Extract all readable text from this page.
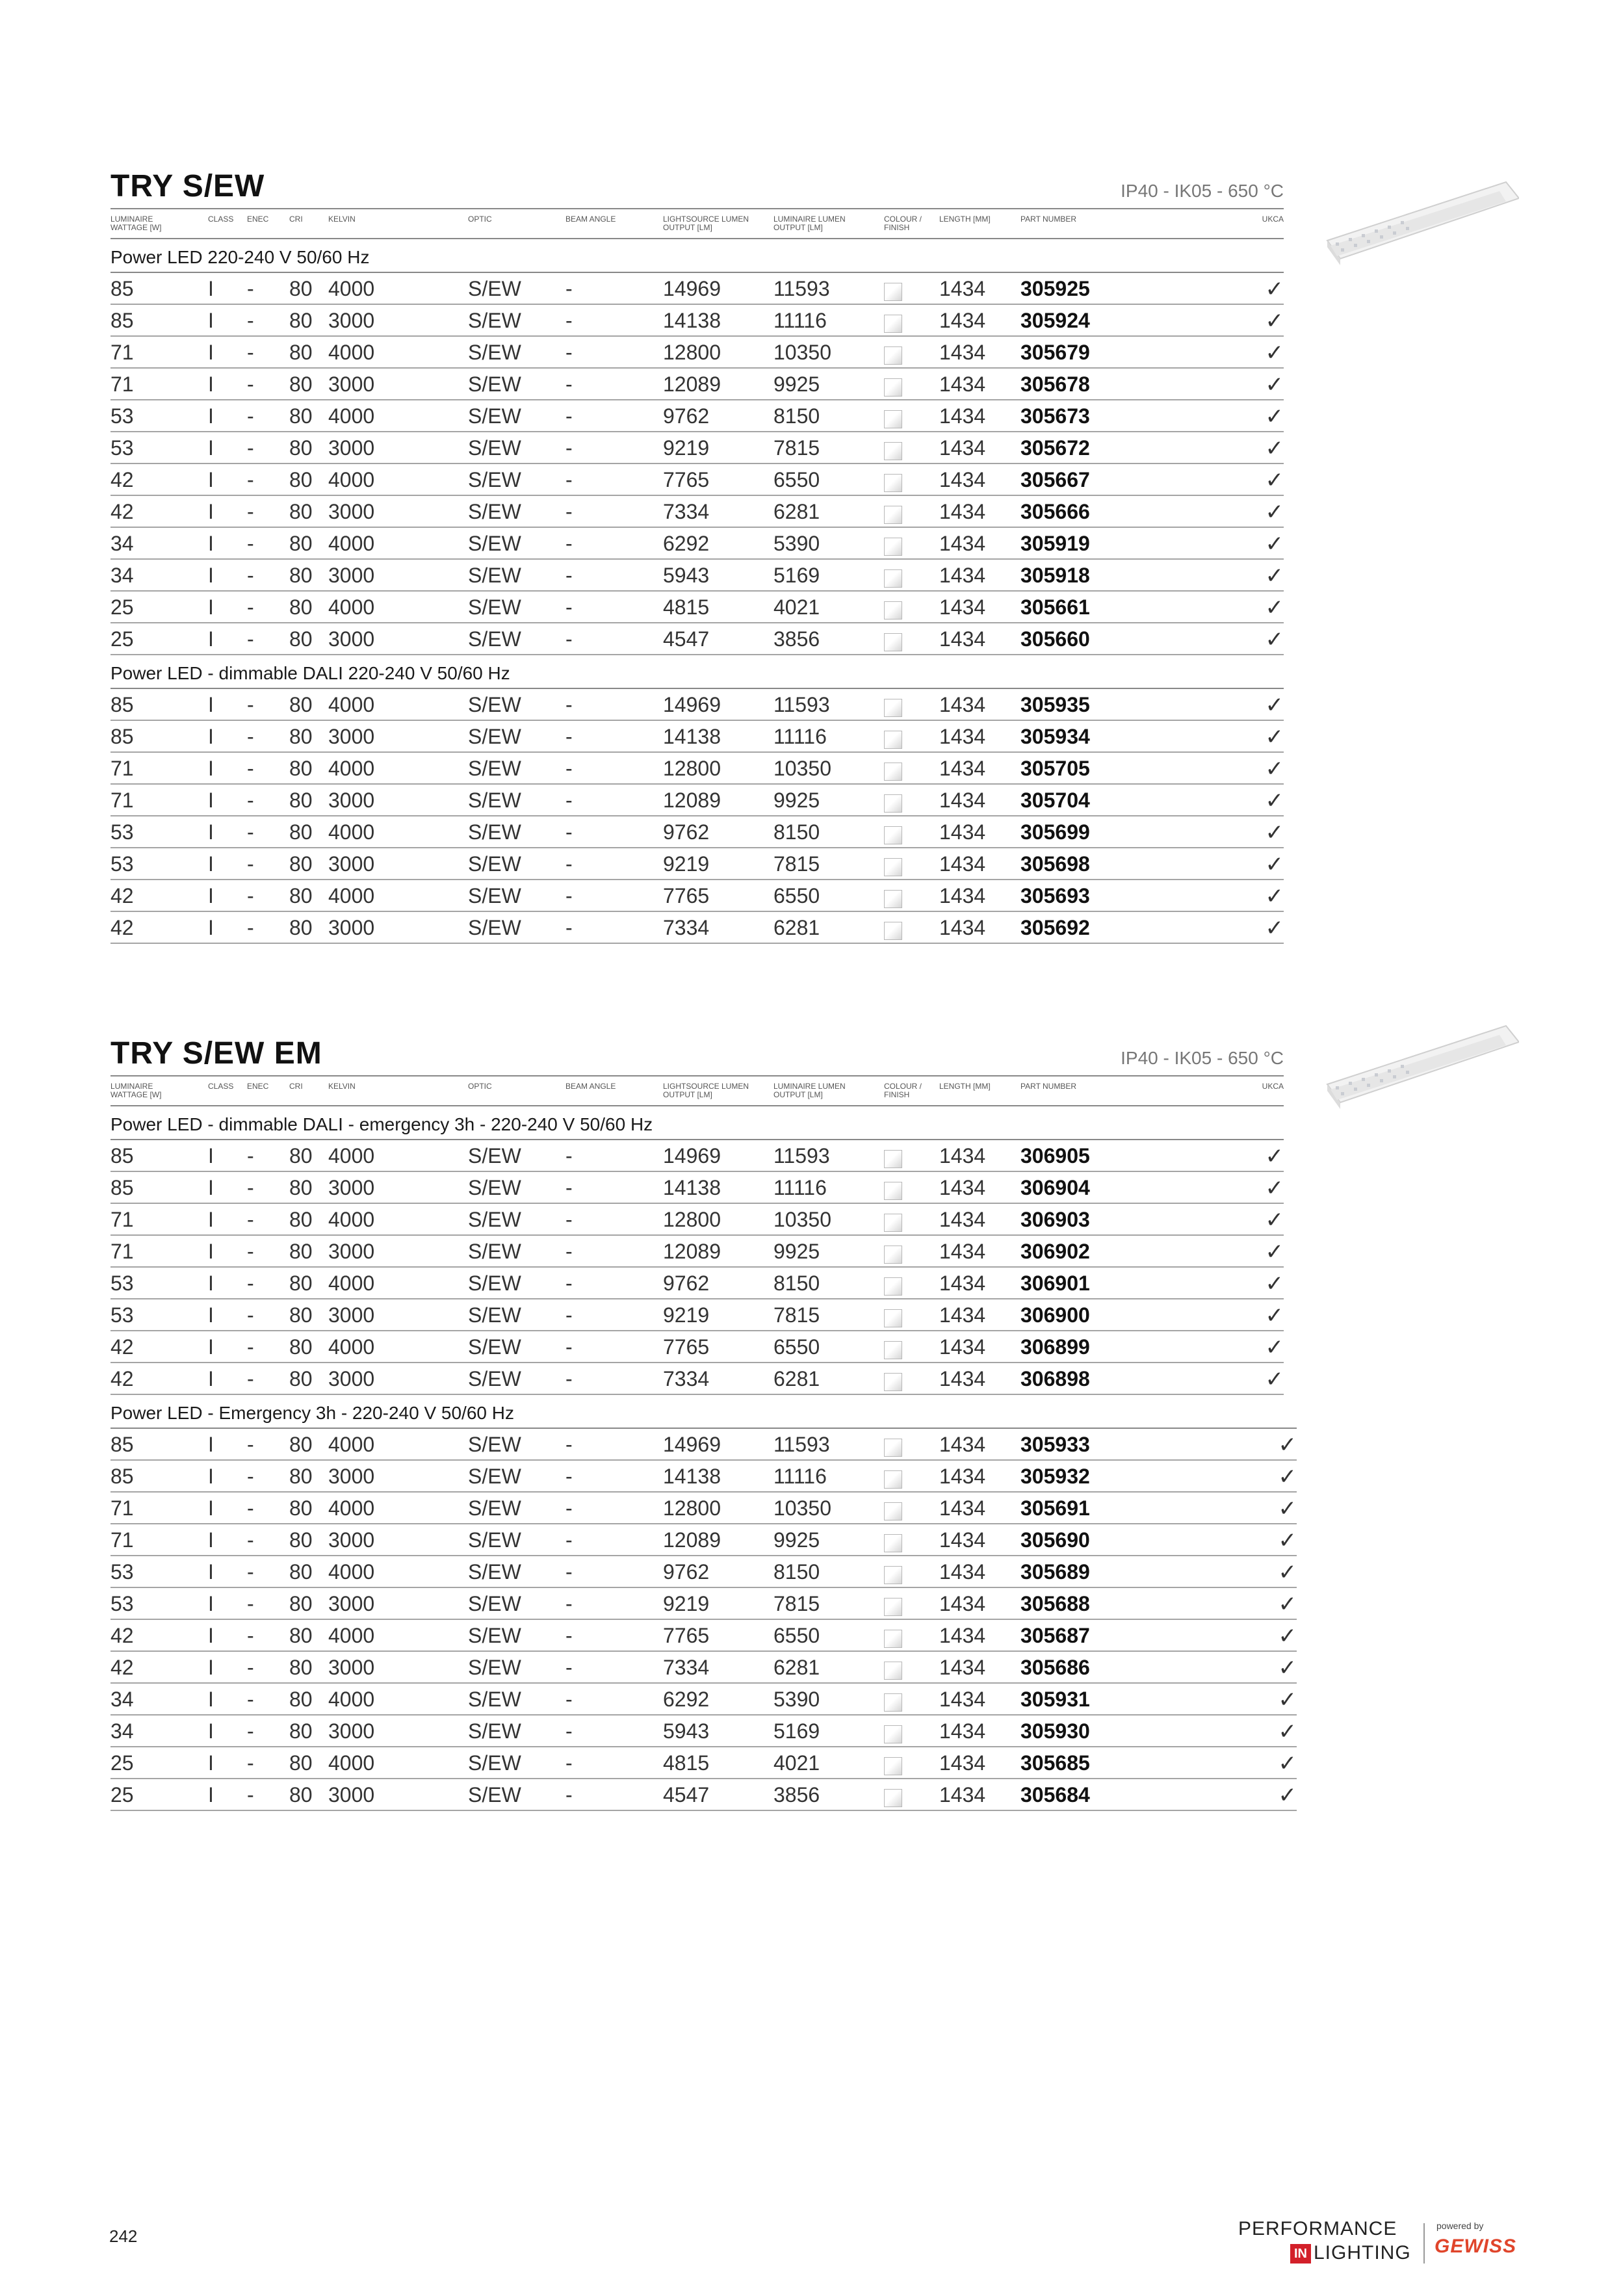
TRY S/EW	IP40 - IK05 - 650 °C
LUMINAIRE
WATTAGE [W]
CLASS ENEC	CRI	KELVIN	OPTIC	BEAM ANGLE	LIGHTSOURCE LUMEN
OUTPUT [LM]
LUMINAIRE LUMEN
OUTPUT [LM]
COLOUR /
FINISH
LENGTH [MM]	PART NUMBER	UKCA
Power LED 220-240 V 50/60 Hz
85	I - 80 4000	S/EW -	14969	11593	1434 305925	✓
85	I - 80 3000	S/EW -	14138	11116	1434 305924	✓
71	I - 80 4000	S/EW -	12800	10350	1434 305679	✓
71	I - 80 3000	S/EW -	12089	9925	1434 305678	✓
53	I - 80 4000	S/EW -	9762	8150	1434 305673	✓
53	I - 80 3000	S/EW -	9219	7815	1434 305672	✓
42	I - 80 4000	S/EW -	7765	6550	1434 305667	✓
42	I - 80 3000	S/EW -	7334	6281	1434 305666	✓
34	I - 80 4000	S/EW -	6292	5390	1434 305919	✓
34	I - 80 3000	S/EW -	5943	5169	1434 305918	✓
25	I - 80 4000	S/EW -	4815	4021	1434 305661	✓
25	I - 80 3000	S/EW -	4547	3856	1434 305660	✓
Power LED - dimmable DALI 220-240 V 50/60 Hz
85	I - 80 4000	S/EW -	14969	11593	1434 305935	✓
85	I - 80 3000	S/EW -	14138	11116	1434 305934	✓
71	I - 80 4000	S/EW -	12800	10350	1434 305705	✓
71	I - 80 3000	S/EW -	12089	9925	1434 305704	✓
53	I - 80 4000	S/EW -	9762	8150	1434 305699	✓
53	I - 80 3000	S/EW -	9219	7815	1434 305698	✓
42	I - 80 4000	S/EW -	7765	6550	1434 305693	✓
42	I - 80 3000	S/EW -	7334	6281	1434 305692	✓
TRY S/EW EM	IP40 - IK05 - 650 °C
LUMINAIRE
WATTAGE [W]
CLASS ENEC	CRI	KELVIN	OPTIC	BEAM ANGLE	LIGHTSOURCE LUMEN
OUTPUT [LM]
LUMINAIRE LUMEN
OUTPUT [LM]
COLOUR /
FINISH
LENGTH [MM]	PART NUMBER	UKCA
Power LED - dimmable DALI - emergency 3h - 220-240 V 50/60 Hz
85	I - 80 4000	S/EW -	14969	11593	1434 306905	✓
85	I - 80 3000	S/EW -	14138	11116	1434 306904	✓
71	I - 80 4000	S/EW -	12800	10350	1434 306903	✓
71	I - 80 3000	S/EW -	12089	9925	1434 306902	✓
53	I - 80 4000	S/EW -	9762	8150	1434 306901	✓
53	I - 80 3000	S/EW -	9219	7815	1434 306900	✓
42	I - 80 4000	S/EW -	7765	6550	1434 306899	✓
42	I - 80 3000	S/EW -	7334	6281	1434 306898	✓
Power LED - Emergency 3h - 220-240 V 50/60 Hz
85	I - 80 4000	S/EW -	14969	11593	1434 305933	✓
85	I - 80 3000	S/EW -	14138	11116	1434 305932	✓
71	I - 80 4000	S/EW -	12800	10350	1434 305691	✓
71	I - 80 3000	S/EW -	12089	9925	1434 305690	✓
53	I - 80 4000	S/EW -	9762	8150	1434 305689	✓
53	I - 80 3000	S/EW -	9219	7815	1434 305688	✓
42	I - 80 4000	S/EW -	7765	6550	1434 305687	✓
42	I - 80 3000	S/EW -	7334	6281	1434 305686	✓
34	I - 80 4000	S/EW -	6292	5390	1434 305931	✓
34	I - 80 3000	S/EW -	5943	5169	1434 305930	✓
25	I - 80 4000	S/EW -	4815	4021	1434 305685	✓
25	I - 80 3000	S/EW -	4547	3856	1434 305684	✓
242	PERFORMANCE
IN LIGHTING
powered by
GEWISS
